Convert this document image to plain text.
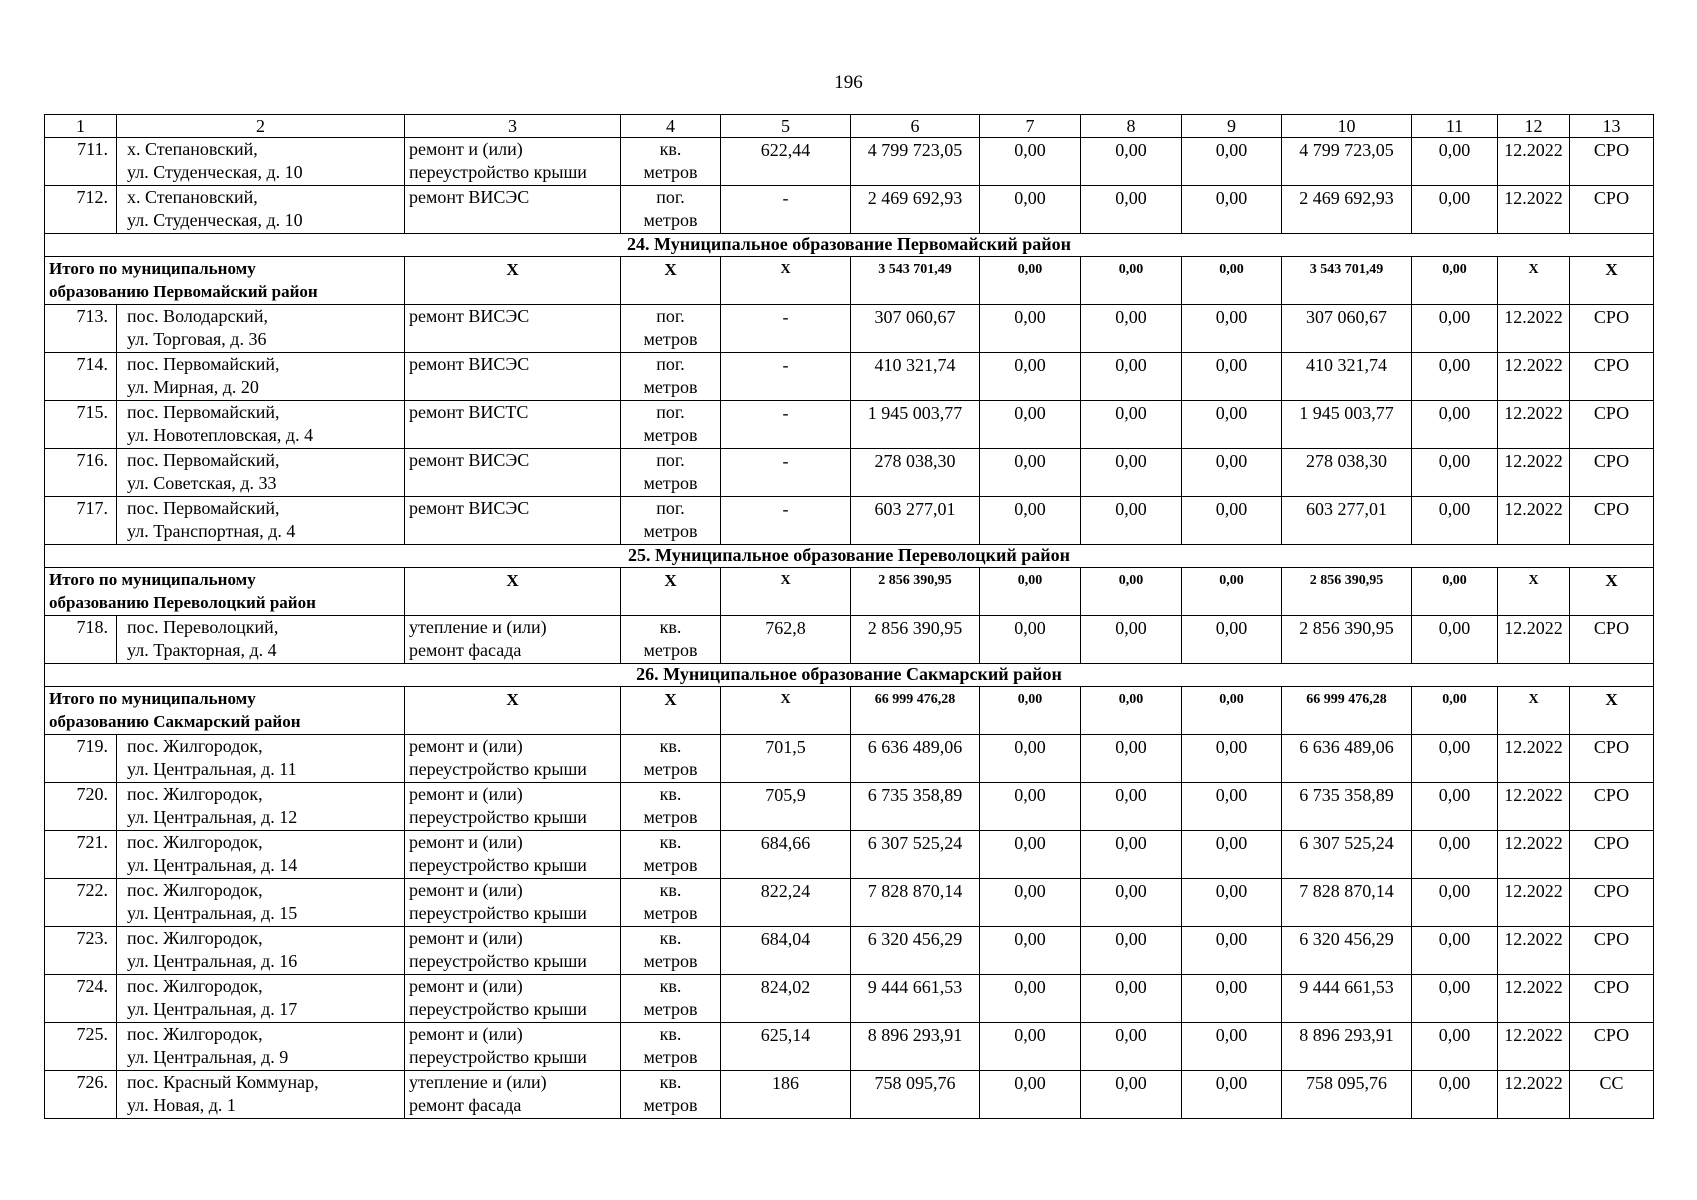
196
1	2	3	4	5	6	7	8	9	10	11	12	13
711.	х. Степановский,
ул. Студенческая, д. 10	ремонт и (или)
переустройство крыши	кв.
метров	622,44	4 799 723,05	0,00	0,00	0,00	4 799 723,05	0,00	12.2022	СРО
712.	х. Степановский,
ул. Студенческая, д. 10	ремонт ВИСЭС	пог.
метров	-	2 469 692,93	0,00	0,00	0,00	2 469 692,93	0,00	12.2022	СРО
24. Муниципальное образование Первомайский район												

Итого по муниципальному
образованию Первомайский район		X	X	X	3 543 701,49	0,00	0,00	0,00	3 543 701,49	0,00	X	X
713.	пос. Володарский,
ул. Торговая, д. 36	ремонт ВИСЭС	пог.
метров	-	307 060,67	0,00	0,00	0,00	307 060,67	0,00	12.2022	СРО
714.	пос. Первомайский,
ул. Мирная, д. 20	ремонт ВИСЭС	пог.
метров	-	410 321,74	0,00	0,00	0,00	410 321,74	0,00	12.2022	СРО
715.	пос. Первомайский,
ул. Новотепловская, д. 4	ремонт ВИСТС	пог.
метров	-	1 945 003,77	0,00	0,00	0,00	1 945 003,77	0,00	12.2022	СРО
716.	пос. Первомайский,
ул. Советская, д. 33	ремонт ВИСЭС	пог.
метров	-	278 038,30	0,00	0,00	0,00	278 038,30	0,00	12.2022	СРО
717.	пос. Первомайский,
ул. Транспортная, д. 4	ремонт ВИСЭС	пог.
метров	-	603 277,01	0,00	0,00	0,00	603 277,01	0,00	12.2022	СРО
25. Муниципальное образование Переволоцкий район												

Итого по муниципальному
образованию Переволоцкий район		X	X	X	2 856 390,95	0,00	0,00	0,00	2 856 390,95	0,00	X	X
718.	пос. Переволоцкий,
ул. Тракторная, д. 4	утепление и (или)
ремонт фасада	кв.
метров	762,8	2 856 390,95	0,00	0,00	0,00	2 856 390,95	0,00	12.2022	СРО
26. Муниципальное образование Сакмарский район												

Итого по муниципальному
образованию Сакмарский район		X	X	X	66 999 476,28	0,00	0,00	0,00	66 999 476,28	0,00	X	X
719.	пос. Жилгородок,
ул. Центральная, д. 11	ремонт и (или)
переустройство крыши	кв.
метров	701,5	6 636 489,06	0,00	0,00	0,00	6 636 489,06	0,00	12.2022	СРО
720.	пос. Жилгородок,
ул. Центральная, д. 12	ремонт и (или)
переустройство крыши	кв.
метров	705,9	6 735 358,89	0,00	0,00	0,00	6 735 358,89	0,00	12.2022	СРО
721.	пос. Жилгородок,
ул. Центральная, д. 14	ремонт и (или)
переустройство крыши	кв.
метров	684,66	6 307 525,24	0,00	0,00	0,00	6 307 525,24	0,00	12.2022	СРО
722.	пос. Жилгородок,
ул. Центральная, д. 15	ремонт и (или)
переустройство крыши	кв.
метров	822,24	7 828 870,14	0,00	0,00	0,00	7 828 870,14	0,00	12.2022	СРО
723.	пос. Жилгородок,
ул. Центральная, д. 16	ремонт и (или)
переустройство крыши	кв.
метров	684,04	6 320 456,29	0,00	0,00	0,00	6 320 456,29	0,00	12.2022	СРО
724.	пос. Жилгородок,
ул. Центральная, д. 17	ремонт и (или)
переустройство крыши	кв.
метров	824,02	9 444 661,53	0,00	0,00	0,00	9 444 661,53	0,00	12.2022	СРО
725.	пос. Жилгородок,
ул. Центральная, д. 9	ремонт и (или)
переустройство крыши	кв.
метров	625,14	8 896 293,91	0,00	0,00	0,00	8 896 293,91	0,00	12.2022	СРО
726.	пос. Красный Коммунар,
ул. Новая, д. 1	утепление и (или)
ремонт фасада	кв.
метров	186	758 095,76	0,00	0,00	0,00	758 095,76	0,00	12.2022	СС
